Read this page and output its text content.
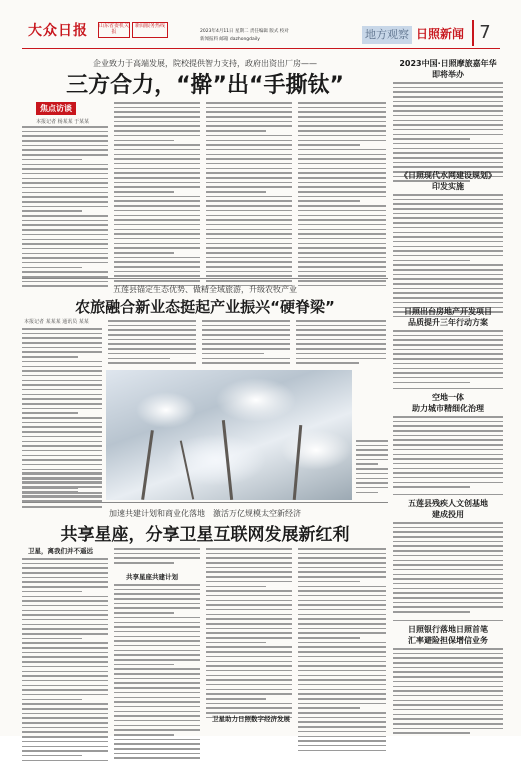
大众日报	山东省委机关报
新闻服务热线
2023年4月11日 星期二 责任编辑 版式 校对
新闻报料 邮箱 dazhongdaily	地方观察 日照新闻 7
企业致力于高端发展，院校提供智力支持，政府出资出厂房——
三方合力，“擀”出“手撕钛”
焦点访谈
本报记者 杨某某 于某某
五莲县锚定生态优势、做精全域旅游，升级农牧产业
农旅融合新业态挺起产业振兴“硬脊梁”
本报记者 某某某 通讯员 某某
加速共建计划和商业化落地　激活万亿规模太空新经济
共享星座，分享卫星互联网发展新红利
卫星，离我们并不遥远
共享星座共建计划
卫星助力日照数字经济发展
2023中国·日照摩旅嘉年华
即将举办
《日照现代水网建设规划》
印发实施
日照出台房地产开发项目
品质提升三年行动方案
空地一体
助力城市精细化治理
五莲县残疾人文创基地
建成投用
日照银行落地日照首笔
汇率避险担保增信业务
